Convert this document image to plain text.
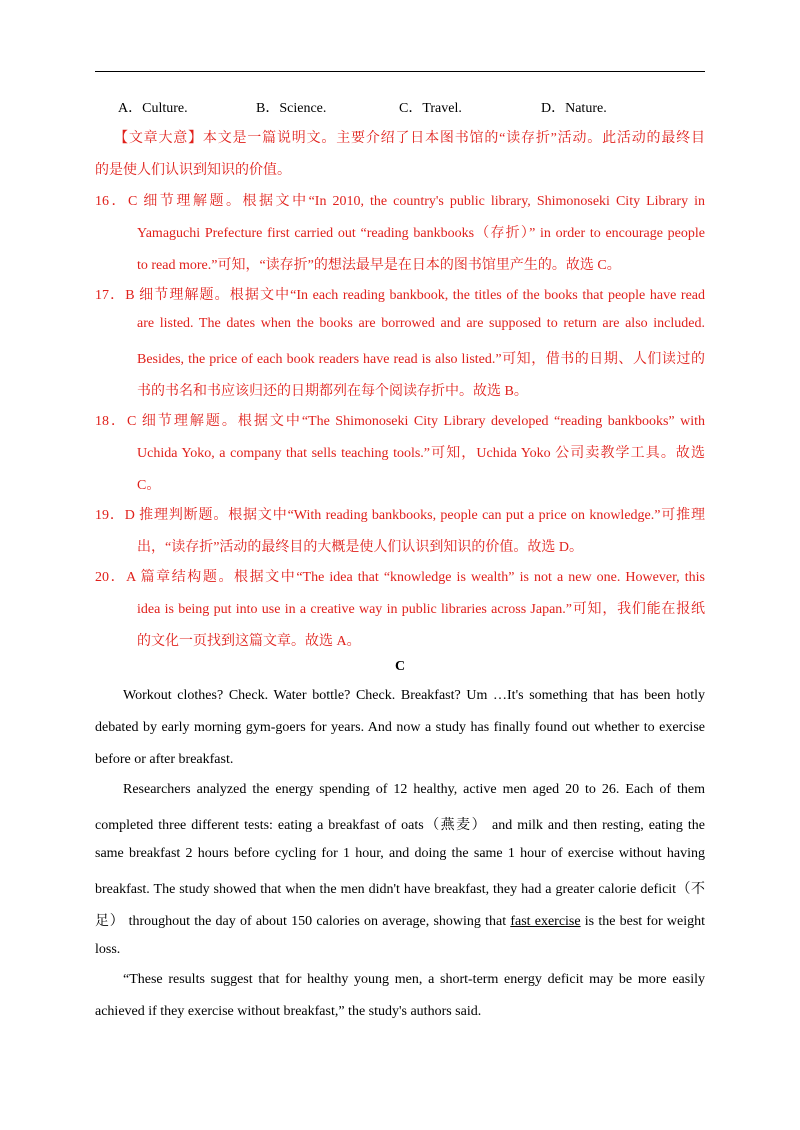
A．Culture.	B．Science.	C．Travel.	D．Nature.
【文章大意】本文是一篇说明文。主要介绍了日本图书馆的“读存折”活动。此活动的最终目
的是使人们认识到知识的价值。
16．C 细节理解题。根据文中“In 2010, the country's public library, Shimonoseki City Library in
Yamaguchi Prefecture first carried out “reading bankbooks（存折）” in order to encourage people
to read more.”可知，“读存折”的想法最早是在日本的图书馆里产生的。故选 C。
17．B 细节理解题。根据文中“In each reading bankbook, the titles of the books that people have read
are listed. The dates when the books are borrowed and are supposed to return are also included.
Besides, the price of each book readers have read is also listed.”可知，借书的日期、人们读过的
书的书名和书应该归还的日期都列在每个阅读存折中。故选 B。
18．C 细节理解题。根据文中“The Shimonoseki City Library developed “reading bankbooks” with
Uchida Yoko, a company that sells teaching tools.”可知，Uchida Yoko 公司卖教学工具。故选
C。
19．D 推理判断题。根据文中“With reading bankbooks, people can put a price on knowledge.”可推理
出，“读存折”活动的最终目的大概是使人们认识到知识的价值。故选 D。
20．A 篇章结构题。根据文中“The idea that “knowledge is wealth” is not a new one. However, this
idea is being put into use in a creative way in public libraries across Japan.”可知，我们能在报纸
的文化一页找到这篇文章。故选 A。
C
Workout clothes? Check. Water bottle? Check. Breakfast? Um …It's something that has been hotly
debated by early morning gym-goers for years. And now a study has finally found out whether to exercise
before or after breakfast.
Researchers analyzed the energy spending of 12 healthy, active men aged 20 to 26. Each of them
completed three different tests: eating a breakfast of oats（燕麦） and milk and then resting, eating the
same breakfast 2 hours before cycling for 1 hour, and doing the same 1 hour of exercise without having
breakfast. The study showed that when the men didn't have breakfast, they had a greater calorie deficit（不
足） throughout the day of about 150 calories on average, showing that fast exercise is the best for weight
loss.
“These results suggest that for healthy young men, a short-term energy deficit may be more easily
achieved if they exercise without breakfast,” the study's authors said.
